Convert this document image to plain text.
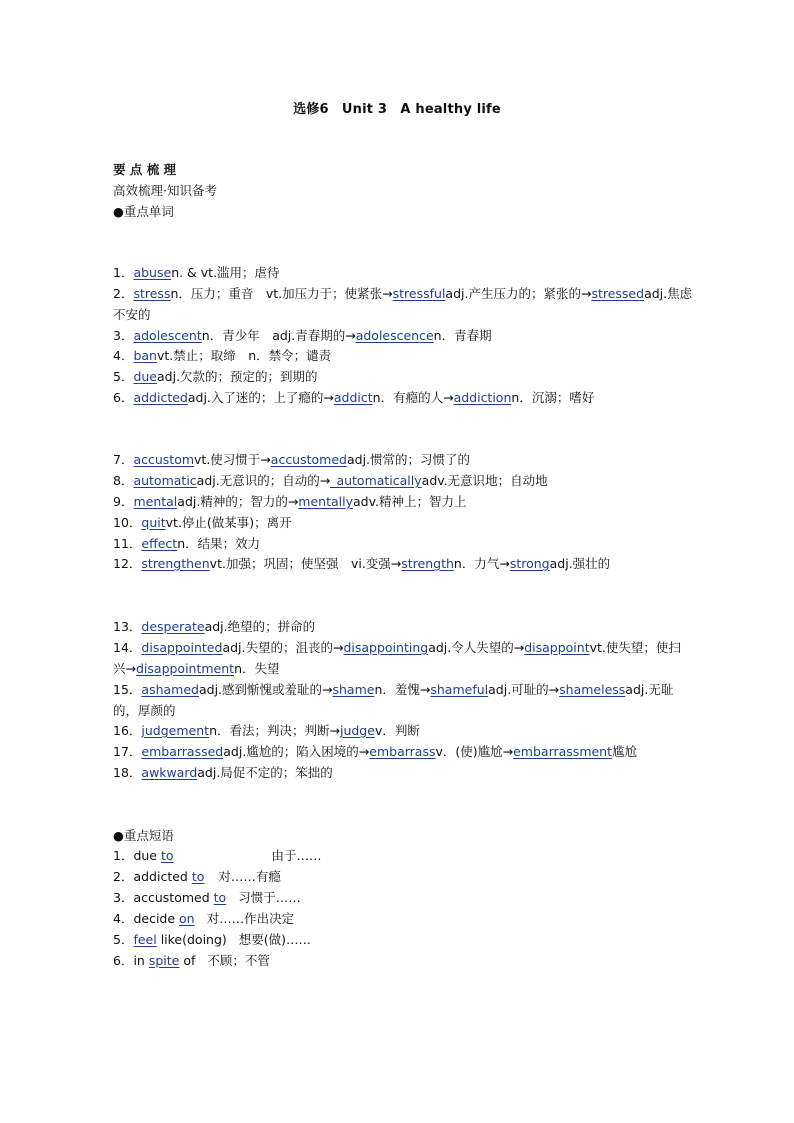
选修6　Unit 3　A healthy life
要 点 梳 理
高效梳理·知识备考
●重点单词
1．abusen. & vt.滥用；虐待
2．stressn．压力；重音　vt.加压力于；使紧张→stressfuladj.产生压力的；紧张的→stressedadj.焦虑不安的
3．adolescentn．青少年　adj.青春期的→adolescencen．青春期
4．banvt.禁止；取缔　n．禁令；谴责
5．dueadj.欠款的；预定的；到期的
6．addictedadj.入了迷的；上了瘾的→addictn．有瘾的人→addictionn．沉溺；嗜好
7．accustomvt.使习惯于→accustomedadj.惯常的；习惯了的
8．automaticadj.无意识的；自动的→_automaticallyadv.无意识地；自动地
9．mentaladj.精神的；智力的→mentallyadv.精神上；智力上
10．quitvt.停止(做某事)；离开
11．effectn．结果；效力
12．strengthenvt.加强；巩固；使坚强　vi.变强→strengthn．力气→strongadj.强壮的
13．desperateadj.绝望的；拼命的
14．disappointedadj.失望的；沮丧的→disappointingadj.令人失望的→disappointvt.使失望；使扫兴→disappointmentn．失望
15．ashamedadj.感到惭愧或羞耻的→shamen．羞愧→shamefuladj.可耻的→shamelessadj.无耻的，厚颜的
16．judgementn．看法；判决；判断→judgev．判断
17．embarrassedadj.尴尬的；陷入困境的→embarrassv．(使)尴尬→embarrassment尴尬
18．awkwardadj.局促不定的；笨拙的
●重点短语
1．due to	由于……
2．addicted to 对……有瘾
3．accustomed to 习惯于……
4．decide on 对……作出决定
5．feel like(doing) 想要(做)……
6．in spite of 不顾；不管
